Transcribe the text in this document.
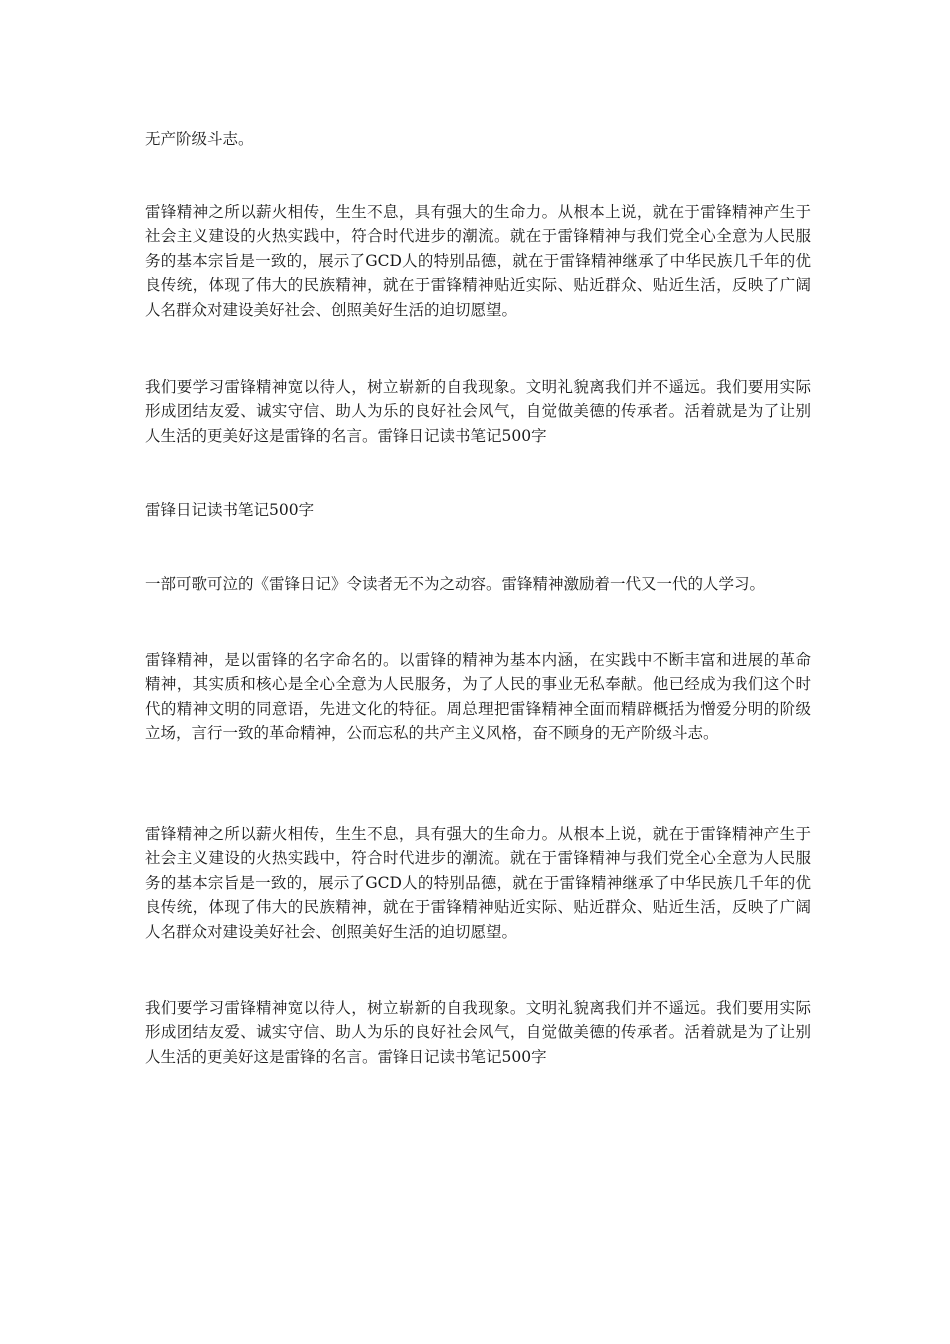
无产阶级斗志。

雷锋精神之所以薪火相传，生生不息，具有强大的生命力。从根本上说，就在于雷锋精神产生于社会主义建设的火热实践中，符合时代进步的潮流。就在于雷锋精神与我们党全心全意为人民服务的基本宗旨是一致的，展示了GCD人的特别品德，就在于雷锋精神继承了中华民族几千年的优良传统，体现了伟大的民族精神，就在于雷锋精神贴近实际、贴近群众、贴近生活，反映了广阔人名群众对建设美好社会、创照美好生活的迫切愿望。

我们要学习雷锋精神宽以待人，树立崭新的自我现象。文明礼貌离我们并不遥远。我们要用实际形成团结友爱、诚实守信、助人为乐的良好社会风气，自觉做美德的传承者。活着就是为了让别人生活的更美好这是雷锋的名言。雷锋日记读书笔记500字

雷锋日记读书笔记500字

一部可歌可泣的《雷锋日记》令读者无不为之动容。雷锋精神激励着一代又一代的人学习。

雷锋精神，是以雷锋的名字命名的。以雷锋的精神为基本内涵，在实践中不断丰富和进展的革命精神，其实质和核心是全心全意为人民服务，为了人民的事业无私奉献。他已经成为我们这个时代的精神文明的同意语，先进文化的特征。周总理把雷锋精神全面而精辟概括为憎爱分明的阶级立场，言行一致的革命精神，公而忘私的共产主义风格，奋不顾身的无产阶级斗志。

雷锋精神之所以薪火相传，生生不息，具有强大的生命力。从根本上说，就在于雷锋精神产生于社会主义建设的火热实践中，符合时代进步的潮流。就在于雷锋精神与我们党全心全意为人民服务的基本宗旨是一致的，展示了GCD人的特别品德，就在于雷锋精神继承了中华民族几千年的优良传统，体现了伟大的民族精神，就在于雷锋精神贴近实际、贴近群众、贴近生活，反映了广阔人名群众对建设美好社会、创照美好生活的迫切愿望。

我们要学习雷锋精神宽以待人，树立崭新的自我现象。文明礼貌离我们并不遥远。我们要用实际形成团结友爱、诚实守信、助人为乐的良好社会风气，自觉做美德的传承者。活着就是为了让别人生活的更美好这是雷锋的名言。雷锋日记读书笔记500字
